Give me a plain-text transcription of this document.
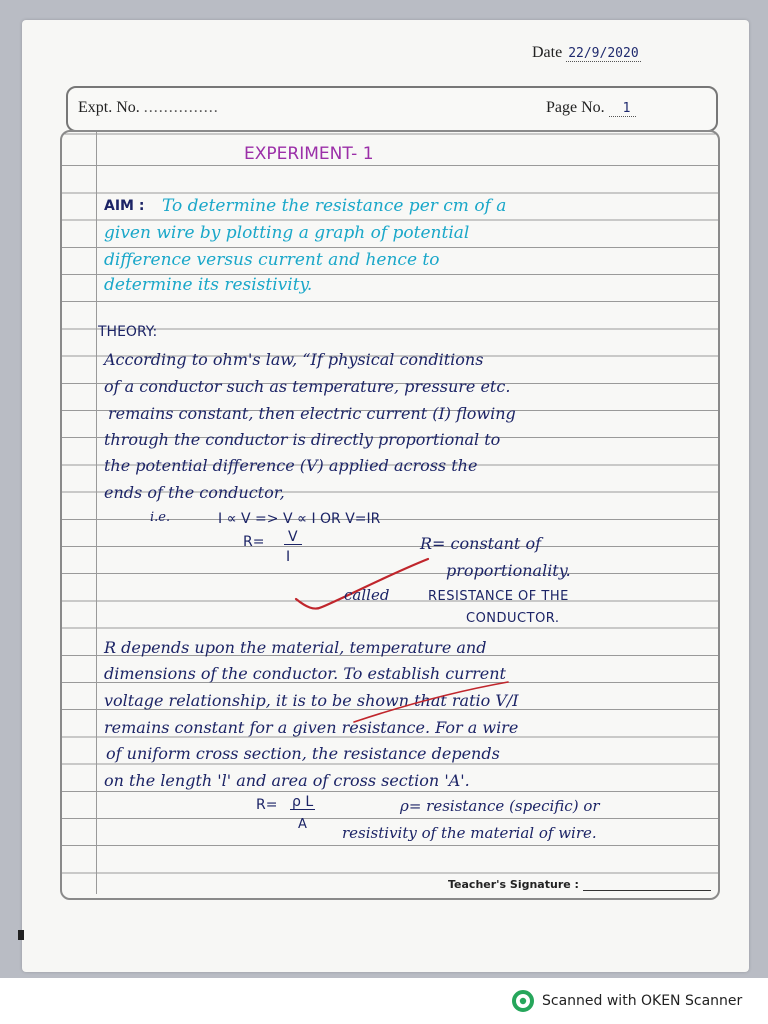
Date 22/9/2020
Expt. No. ...............	Page No. 1
EXPERIMENT- 1
AIM : To determine the resistance per cm of a
given wire by plotting a graph of potential
difference versus current and hence to
determine its resistivity.
THEORY:
According to ohm's law, “If physical conditions
of a conductor such as temperature, pressure etc.
remains constant, then electric current (I) flowing
through the conductor is directly proportional to
the potential difference (V) applied across the
ends of the conductor,
i.e.	I ∝ V => V ∝ I OR V=IR
R= V
I
R= constant of
proportionality.
called	RESISTANCE OF THE
CONDUCTOR.
R depends upon the material, temperature and
dimensions of the conductor. To establish current
voltage relationship, it is to be shown that ratio V/I
remains constant for a given resistance. For a wire
of uniform cross section, the resistance depends
on the length 'l' and area of cross section 'A'.
R= ρ L
A
ρ= resistance (specific) or
resistivity of the material of wire.
Teacher's Signature :
Scanned with OKEN Scanner
